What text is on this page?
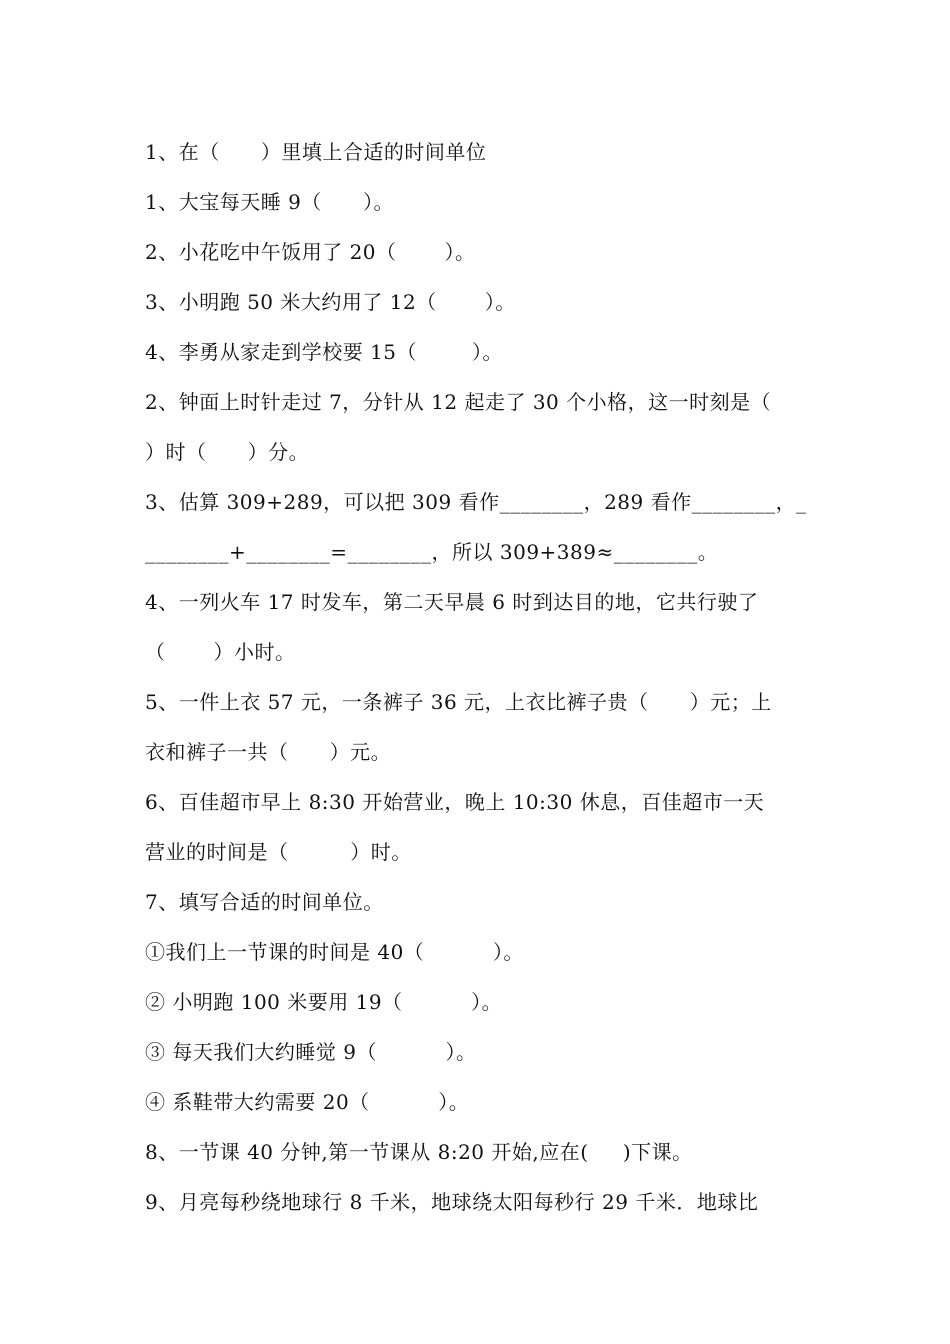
1、在（      ）里填上合适的时间单位
1、大宝每天睡 9（      ）。
2、小花吃中午饭用了 20（       ）。
3、小明跑 50 米大约用了 12（       ）。
4、李勇从家走到学校要 15（        ）。
2、钟面上时针走过 7，分针从 12 起走了 30 个小格，这一时刻是（
）时（      ）分。
3、估算 309+289，可以把 309 看作________，289 看作________，_
________+________=________，所以 309+389≈________。
4、一列火车 17 时发车，第二天早晨 6 时到达目的地，它共行驶了
（       ）小时。
5、一件上衣 57 元，一条裤子 36 元，上衣比裤子贵（      ）元；上
衣和裤子一共（      ）元。
6、百佳超市早上 8:30 开始营业，晚上 10:30 休息，百佳超市一天
营业的时间是（         ）时。
7、填写合适的时间单位。
①我们上一节课的时间是 40（          ）。
② 小明跑 100 米要用 19（          ）。
③ 每天我们大约睡觉 9（          ）。
④ 系鞋带大约需要 20（          ）。
8、一节课 40 分钟,第一节课从 8:20 开始,应在(     )下课。
9、月亮每秒绕地球行 8 千米，地球绕太阳每秒行 29 千米．地球比
